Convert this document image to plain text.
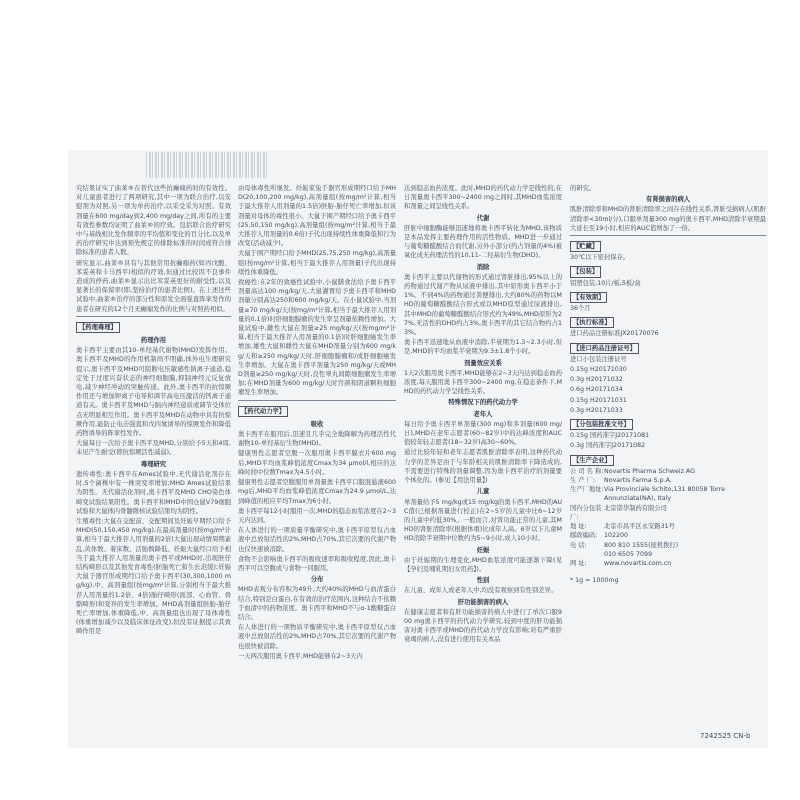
究结果证实了曲莱®在替代这些抗癫痫药时的有效性。对儿童患者进行了两项研究,其中一项为联合治疗,以安慰剂为对照,另一项为单药治疗,以采受采为对照。有效剂量在600 mg/day到2,400 mg/day之间,所有的主要有效性参数均证明了曲莱®的疗效。包括联合治疗研究中与基线相比发作频率的平均值和变化的百分比,以及单药治疗研究中达到预先规定的排除标准的时间或符合排除标准的患者人数。

研究显示,曲莱®具有与其他常用抗癫痫药(如丙戊酸、苯妥英和卡马西平)相似的疗效,但通过比较因不良事件造成的停药,曲莱®显示出比苯妥英更好的耐受性,以及显著长的保留率(即,坚持治疗的患者比例)。在上述这些试验中,曲莱®治疗的部分性和原发全面强直阵挛发作的患者在研究的12个月无癫痫发作的比例与对照药相似。

【药理毒理】
药理作用

奥卡西平主要由其10-单羟基代谢物(MHD)发挥作用。奥卡西平及MHD的作用机制尚不明确,体外电生理研究提示,奥卡西平及MHD可阻断电压敏感性钠离子通道,稳定处于过度兴奋状态的神经细胞膜,抑制神经元反复放电,减少神经冲动的突触传递。此外,奥卡西平的抗惊厥作用还与增加钾离子电导和调节高电压激活的钙离子通道有关。奥卡西平及MHD与脑内神经递质或调节受体位点无明显相互作用。奥卡西平及MHD在动物中具有抗惊厥作用,能防止电击强直和戊四氮诱导的惊厥发作和降低药物诱导的阵挛性发作。

大鼠每日一次给予奥卡西平及MHD,分别给予5天和4周,未见产生耐受(即抗惊厥活性减弱)。

毒理研究

遗传毒性:奥卡西平在Ames试验中,无代谢活化剂存在时,5个菌株中有一株突变率增加;MHD Ames试验结果为阴性。无代谢活化剂时,奥卡西平及MHD CHO染色体畸变试验结果阳性。奥卡西平和MHD中国仓鼠V79细胞试验和大鼠体内骨髓微核试验结果均为阴性。

生殖毒性:大鼠在交配前、交配期间及妊娠早期经口给予MHD(50,150,450 mg/kg),在最高剂量时(按mg/m²计算,相当于最大推荐人用剂量的2倍)大鼠出现动情周期紊乱,黄体数、着床数、活胎数降低。妊娠大鼠经口给予相当于最大推荐人用剂量的奥卡西平或MHD时,出现胚仔结构畸形以及其他发育毒性(胚胎死亡和生长迟缓);妊娠大鼠于器官形成期经口给予奥卡西平(30,300,1000 mg/kg),中、高剂量组(按mg/m²计算,分别相当于最大推荐人用剂量的1.2倍、4倍)胎仔畸形(面部、心血管、骨骼畸形)和变异的发生率增加。MHD高剂量组胚胎-胎仔死亡率增加,体重降低,中、高剂量组也出现了母体毒性(体重增加减少以及临床体征改变),但没有证据提示其致畸作用是

由母体毒性所继发。妊娠家兔于器官形成期经口给予MHD(20,100,200 mg/kg),高剂量组(按mg/m²计算,相当于最大推荐人用剂量的1.5倍)胚胎-胎仔死亡率增加,但该剂量对母体的毒性很小。大鼠于围产期经口给予奥卡西平(25,50,150 mg/kg),高剂量组(按mg/m²计算,相当于最大推荐人用剂量的0.6倍)子代出现持续性体重降低和行为改变(活动减少)。

大鼠于围产期经口给予MHD(25,75,250 mg/kg),高剂量组(按mg/m²计算,相当于最大推荐人用剂量)子代出现持续性体重降低。

致癌性:在2年的致癌性试验中,小鼠膳食法给予奥卡西平剂量高达100 mg/kg/天,大鼠灌胃给予奥卡西平和MHD剂量分别高达250和600 mg/kg/天。在小鼠试验中,当剂量≥70 mg/kg/天(按mg/m²计算,相当于最大推荐人用剂量的0.1倍)时肝细胞腺瘤的发生率呈剂量依赖性增加。大鼠试验中,雌性大鼠在剂量≥25 mg/kg/天(按mg/m²计算,相当于最大推荐人用剂量的0.1倍)时肝细胞癌发生率增加,雄性大鼠和雌性大鼠在MHD剂量分别为600 mg/kg/天和≥250 mg/kg/天时,肝细胞腺瘤和/或肝细胞癌发生率增加。大鼠在奥卡西平剂量为250 mg/kg/天或MHD剂量≥250 mg/kg/天时,良性睾丸间隙细胞瘤发生率增加;在MHD剂量为600 mg/kg/天时宫颈和阴道颗粒细胞瘤发生率增加。

【药代动力学】
吸收

奥卡西平在服用后,迅速且几乎完全地降解为药理活性代谢物10-单羟基衍生物(MHD)。

健康男性志愿者空腹一次服用奥卡西平膜衣片600 mg后,MHD平均血浆峰值浓度Cmax为34 μmol/l,相应的达峰时间中位数Tmax为4.5小时。

健康男性志愿者空腹服用单剂量奥卡西平口服混悬液600 mg后,MHD平均血浆峰值浓度Cmax为24.9 μmol/L,达到峰值的相应平均Tmax为6小时。

奥卡西平每12小时服用一次,MHD的稳态血浆浓度在2~3天内达到。

在人体进行的一项质量平衡研究中,奥卡西平原型仅占血液中总放射活性的2%,MHD占70%,其它次要的代谢产物也仅快速被消除。

食物不会影响奥卡西平的吸收速率和吸收程度,因此,奥卡西平可以空腹或与食物一同服用。

分布

MHD表观分布容积为49升,大约40%的MHD与血清蛋白结合,特别是白蛋白,在有效的治疗范围内,这种结合不依赖于血清中的药物浓度。奥卡西平和MHD不与α-1酸糖蛋白结合。

在人体进行的一项物质平衡研究中,奥卡西平原型仅占血液中总放射活性的2%,MHD占70%,其它次要的代谢产物也很快被消除。

一天两次服用奥卡西平,MHD能够在2~3天内

达到稳态血药浓度。此时,MHD的药代动力学是线性的,在日剂量奥卡西平300~2400 mg之间时,其MHD血浆浓度和剂量之间呈线性关系。

代谢

肝脏中细胞酶能够迅速地将奥卡西平转化为MHD,该物质是本品发挥主要药理作用的活性物质。MHD进一步通过与葡萄糖醛酸结合而代谢,另外小部分(约占剂量的4%)被氧化成无药理活性的10,11-二羟基衍生物(DHD)。

消除

奥卡西平主要以代谢物的形式通过肾脏排出,95%以上的药物通过代谢产物从尿液中排出,其中原形奥卡西平小于1%。不到4%的药物通过粪便排出,大约80%的药物以MHD的葡萄糖醛酸结合形式或以MHD原型通过尿液排出,其中MHD的葡萄糖醛酸结合形式约为49%,MHD原形为27%,无活性的DHD约占3%,奥卡西平的其它结合物约占13%。

奥卡西平迅速地从血液中消除,半衰期为1.3~2.3小时,但是,MHD的平均血浆半衰期为9.3±1.8个小时。

剂量效应关系

1天2次服用奥卡西平,MHD能够在2~3天内达到稳态血药浓度,每天服用奥卡西平300~2400 mg,在稳态条件下,MHD的药代动力学呈线性关系。

特殊情况下的药代动力学
老年人

每日给予奥卡西平单剂量(300 mg)和多剂量(600 mg/日),MHD在老年志愿者(60~82岁)中的达峰浓度和AUC值较年轻志愿者(18~32岁)高30~60%。

通过比较年轻和老年志愿者肌酐清除率表明,这种药代动力学的差异是由于与年龄相关的肌酐清除率下降造成的,不需要进行特殊的剂量调整,因为奥卡西平治疗的剂量要个体化的。(参见【用法用量】)

儿童

单剂量给予5 mg/kg或15 mg/kg的奥卡西平,MHD的AUC值(已根据剂量进行校正)在2~5岁的儿童中比6~12岁的儿童中约低30%。一般而言,对肾功能正常的儿童,其MHD的肾脏清除率(根据体重)比成年人高。6岁以下儿童MHD消除半衰期中位数约为5~9小时,成人10小时。

妊娠

由于妊娠期的生理变化,MHD血浆浓度可能逐渐下降(见【孕妇及哺乳期妇女用药】)。

性别

在儿童、成年人或老年人中,均没有观察到有性别差异。

肝功能损害的病人

在健康志愿者和有肝功能损害的病人中进行了单次口服900 mg奥卡西平的药代动力学研究,轻到中度的肝功能损害对奥卡西平或MHD的药代动力学没有影响;对有严重肝衰竭的病人,没有进行使用有关本品

的研究。

有肾损害的病人

肌酐清除率和MHD的肾脏清除率之间存在线性关系,肾脏受损病人(肌酐清除率<30ml/分),口服单剂量300 mg的奥卡西平,MHD清除半衰期最大延长至19小时,相应的AUC值增加了一倍。

【贮藏】

30℃以下密封保存。

【包装】

铝塑包装,10片/板,5板/盒

【有效期】

36个月

【执行标准】

进口药品注册标准JX20170076

【进口药品注册证号】

进口小包装注册证号

0.15g H20171030

0.3g H20171032

0.6g H20171034

0.15g H20171031

0.3g H20171033

【分包装批准文号】

0.15g 国药准字J20171081

0.3g 国药准字J20171082

【生产企业】
公 司 名 称: Novartis Pharma Schweiz AG
生 产 厂:	Novartis Farma S.p.A.
生产厂地址: Via Provinciale Schito,131 80058 Torre Annunziata(NA), Italy
国内分包装厂:
北京诺华制药有限公司
地 址:	北京市昌平区永安路31号
邮政编码:	102200
电 话:	800 810 1555(座机拨打)
010 6505 7099
网 址:	www.novartis.com.cn

* 1g = 1000mg

7242525 CN-b
